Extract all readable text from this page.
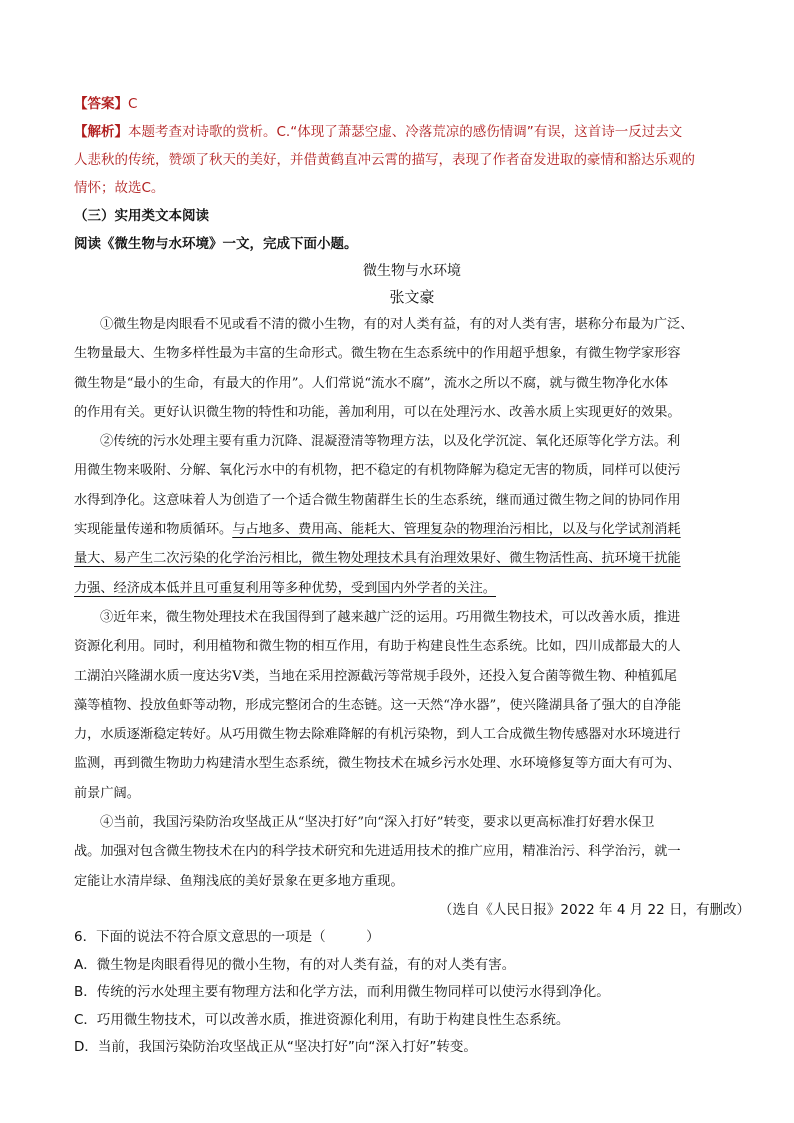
【答案】C
【解析】本题考查对诗歌的赏析。C.“体现了萧瑟空虚、冷落荒凉的感伤情调”有误，这首诗一反过去文
人悲秋的传统，赞颂了秋天的美好，并借黄鹤直冲云霄的描写，表现了作者奋发进取的豪情和豁达乐观的
情怀；故选C。
（三）实用类文本阅读
阅读《微生物与水环境》一文，完成下面小题。
微生物与水环境
张文豪
①微生物是肉眼看不见或看不清的微小生物，有的对人类有益，有的对人类有害，堪称分布最为广泛、
生物量最大、生物多样性最为丰富的生命形式。微生物在生态系统中的作用超乎想象，有微生物学家形容
微生物是“最小的生命，有最大的作用”。人们常说“流水不腐”，流水之所以不腐，就与微生物净化水体
的作用有关。更好认识微生物的特性和功能，善加利用，可以在处理污水、改善水质上实现更好的效果。
②传统的污水处理主要有重力沉降、混凝澄清等物理方法，以及化学沉淀、氧化还原等化学方法。利
用微生物来吸附、分解、氧化污水中的有机物，把不稳定的有机物降解为稳定无害的物质，同样可以使污
水得到净化。这意味着人为创造了一个适合微生物菌群生长的生态系统，继而通过微生物之间的协同作用
实现能量传递和物质循环。与占地多、费用高、能耗大、管理复杂的物理治污相比，以及与化学试剂消耗
量大、易产生二次污染的化学治污相比，微生物处理技术具有治理效果好、微生物活性高、抗环境干扰能
力强、经济成本低并且可重复利用等多种优势，受到国内外学者的关注。
③近年来，微生物处理技术在我国得到了越来越广泛的运用。巧用微生物技术，可以改善水质，推进
资源化利用。同时，利用植物和微生物的相互作用，有助于构建良性生态系统。比如，四川成都最大的人
工湖泊兴隆湖水质一度达劣Ⅴ类，当地在采用控源截污等常规手段外，还投入复合菌等微生物、种植狐尾
藻等植物、投放鱼虾等动物，形成完整闭合的生态链。这一天然“净水器”，使兴隆湖具备了强大的自净能
力，水质逐渐稳定转好。从巧用微生物去除难降解的有机污染物，到人工合成微生物传感器对水环境进行
监测，再到微生物助力构建清水型生态系统，微生物技术在城乡污水处理、水环境修复等方面大有可为、
前景广阔。
④当前，我国污染防治攻坚战正从“坚决打好”向“深入打好”转变，要求以更高标准打好碧水保卫
战。加强对包含微生物技术在内的科学技术研究和先进适用技术的推广应用，精准治污、科学治污，就一
定能让水清岸绿、鱼翔浅底的美好景象在更多地方重现。
（选自《人民日报》2022 年 4 月 22 日，有删改）
6．下面的说法不符合原文意思的一项是（　　　）
A．微生物是肉眼看得见的微小生物，有的对人类有益，有的对人类有害。
B．传统的污水处理主要有物理方法和化学方法，而利用微生物同样可以使污水得到净化。
C．巧用微生物技术，可以改善水质，推进资源化利用，有助于构建良性生态系统。
D．当前，我国污染防治攻坚战正从“坚决打好”向“深入打好”转变。
